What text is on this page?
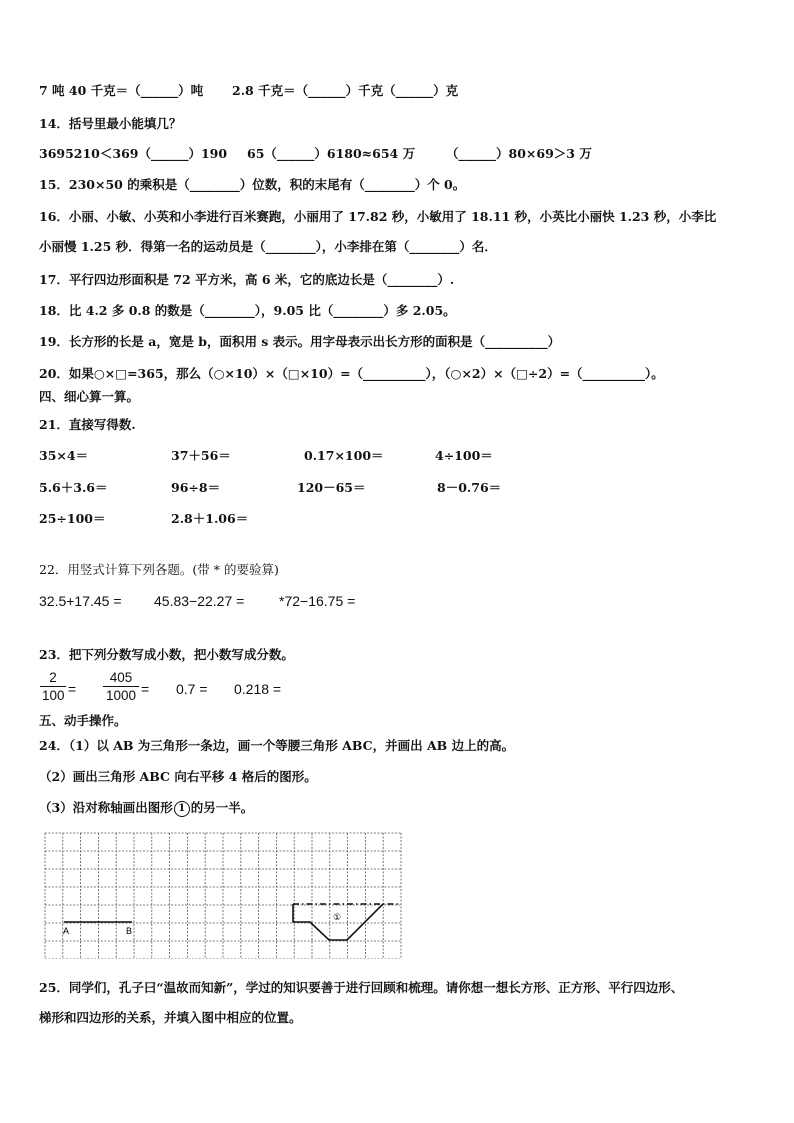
7 吨 40 千克＝（______）吨 2.8 千克＝（______）千克（______）克
14．括号里最小能填几？
3695210＜369（______）190 65（______）6180≈654 万 （______）80×69＞3 万
15．230×50 的乘积是（________）位数，积的末尾有（________）个 0。
16．小丽、小敏、小英和小李进行百米赛跑，小丽用了 17.82 秒，小敏用了 18.11 秒，小英比小丽快 1.23 秒，小李比
小丽慢 1.25 秒．得第一名的运动员是（________），小李排在第（________）名．
17．平行四边形面积是 72 平方米，高 6 米，它的底边长是（________）.
18．比 4.2 多 0.8 的数是（________），9.05 比（________）多 2.05。
19．长方形的长是 a，宽是 b，面积用 s 表示。用字母表示出长方形的面积是（__________）
20．如果○×□=365，那么（○×10）×（□×10）=（__________），（○×2）×（□÷2）=（__________）。
四、细心算一算。
21．直接写得数.
35×4＝	37＋56＝	0.17×100＝	4÷100＝
5.6＋3.6＝	96÷8＝	120－65＝	8－0.76＝
25÷100＝	2.8＋1.06＝
22．用竖式计算下列各题。(带 * 的要验算)
32.5+17.45 = 45.83−22.27 = *72−16.75 =
23．把下列分数写成小数，把小数写成分数。
2
100 =
405
1000 = 0.7 = 0.218 =
五、动手操作。
24．（1）以 AB 为三角形一条边，画一个等腰三角形 ABC，并画出 AB 边上的高。
（2）画出三角形 ABC 向右平移 4 格后的图形。
（3）沿对称轴画出图形 1 的另一半。
A	B
①
25．同学们，孔子曰“温故而知新”，学过的知识要善于进行回顾和梳理。请你想一想长方形、正方形、平行四边形、
梯形和四边形的关系，并填入图中相应的位置。
